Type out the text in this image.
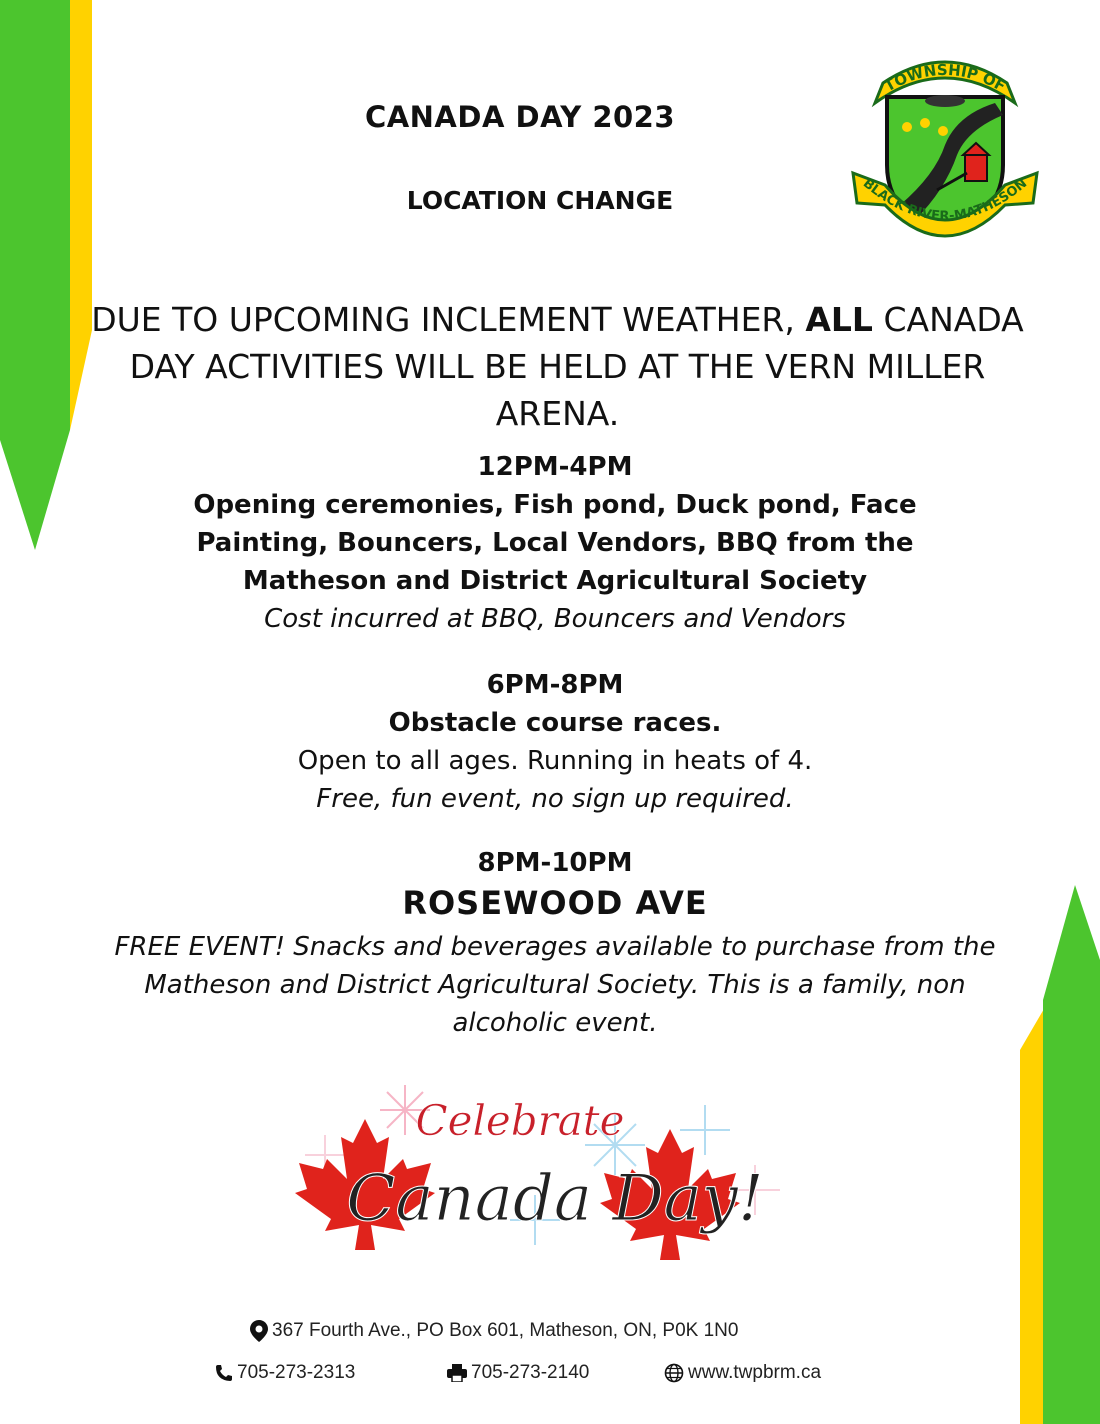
CANADA DAY 2023
LOCATION CHANGE
TOWNSHIP OF
BLACK RIVER-MATHESON
DUE TO UPCOMING INCLEMENT WEATHER, ALL CANADA DAY ACTIVITIES WILL BE HELD AT THE VERN MILLER ARENA.
12PM-4PM
Opening ceremonies, Fish pond, Duck pond, Face Painting, Bouncers, Local Vendors, BBQ from the Matheson and District Agricultural Society
Cost incurred at BBQ, Bouncers and Vendors
6PM-8PM
Obstacle course races.
Open to all ages. Running in heats of 4.
Free, fun event, no sign up required.
8PM-10PM
ROSEWOOD AVE
FREE EVENT! Snacks and beverages available to purchase from the Matheson and District Agricultural Society. This is a family, non alcoholic event.
Celebrate
Canada Day!
367 Fourth Ave., PO Box 601, Matheson, ON, P0K 1N0
705-273-2313	705-273-2140	www.twpbrm.ca
